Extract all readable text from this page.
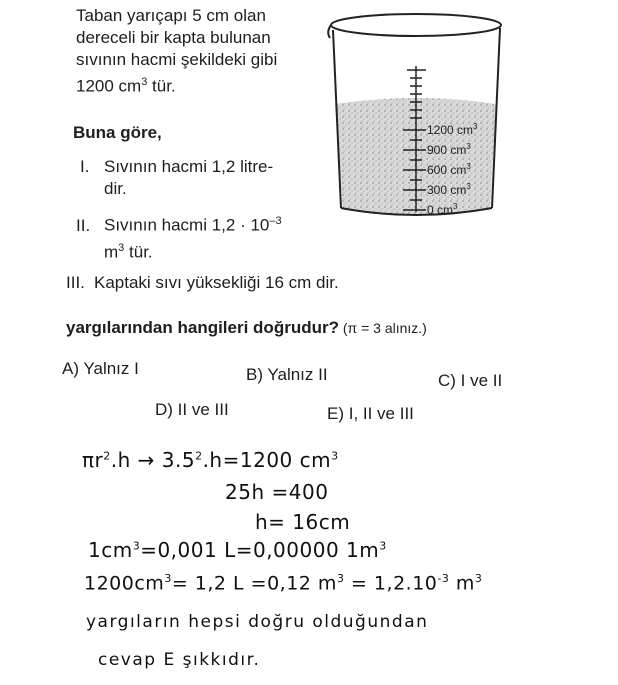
Taban yarıçapı 5 cm olan
dereceli bir kapta bulunan
sıvının hacmi şekildeki gibi
1200 $cm^3$ tür.
Buna göre,
I. Sıvının hacmi 1,2 litre-
dir.
II. Sıvının hacmi $1,2 \cdot 10^{-3}$
$m^3$ tür.
III. Kaptaki sıvı yüksekliği 16 cm dir.
yargılarından hangileri doğrudur? (π = 3 alınız.)
A) Yalnız I	B) Yalnız II	C) I ve II
D) II ve III	E) I, II ve III
1200 $cm^3$
900 $cm^3$
600 $cm^3$
300 $cm^3$
0 $cm^3$
$\pi r^2.h \to 3.5^2.h=1200$ $cm^3$
25h =400
h= 16cm
$1cm^3=0,001$ L=0,00000 $1m^3$
$1200cm^3= 1,2$ L =0,12 $m^3 = 1,2.10^{-3}$ $m^3$
yargıların hepsi doğru olduğundan
cevap E şıkkıdır.
